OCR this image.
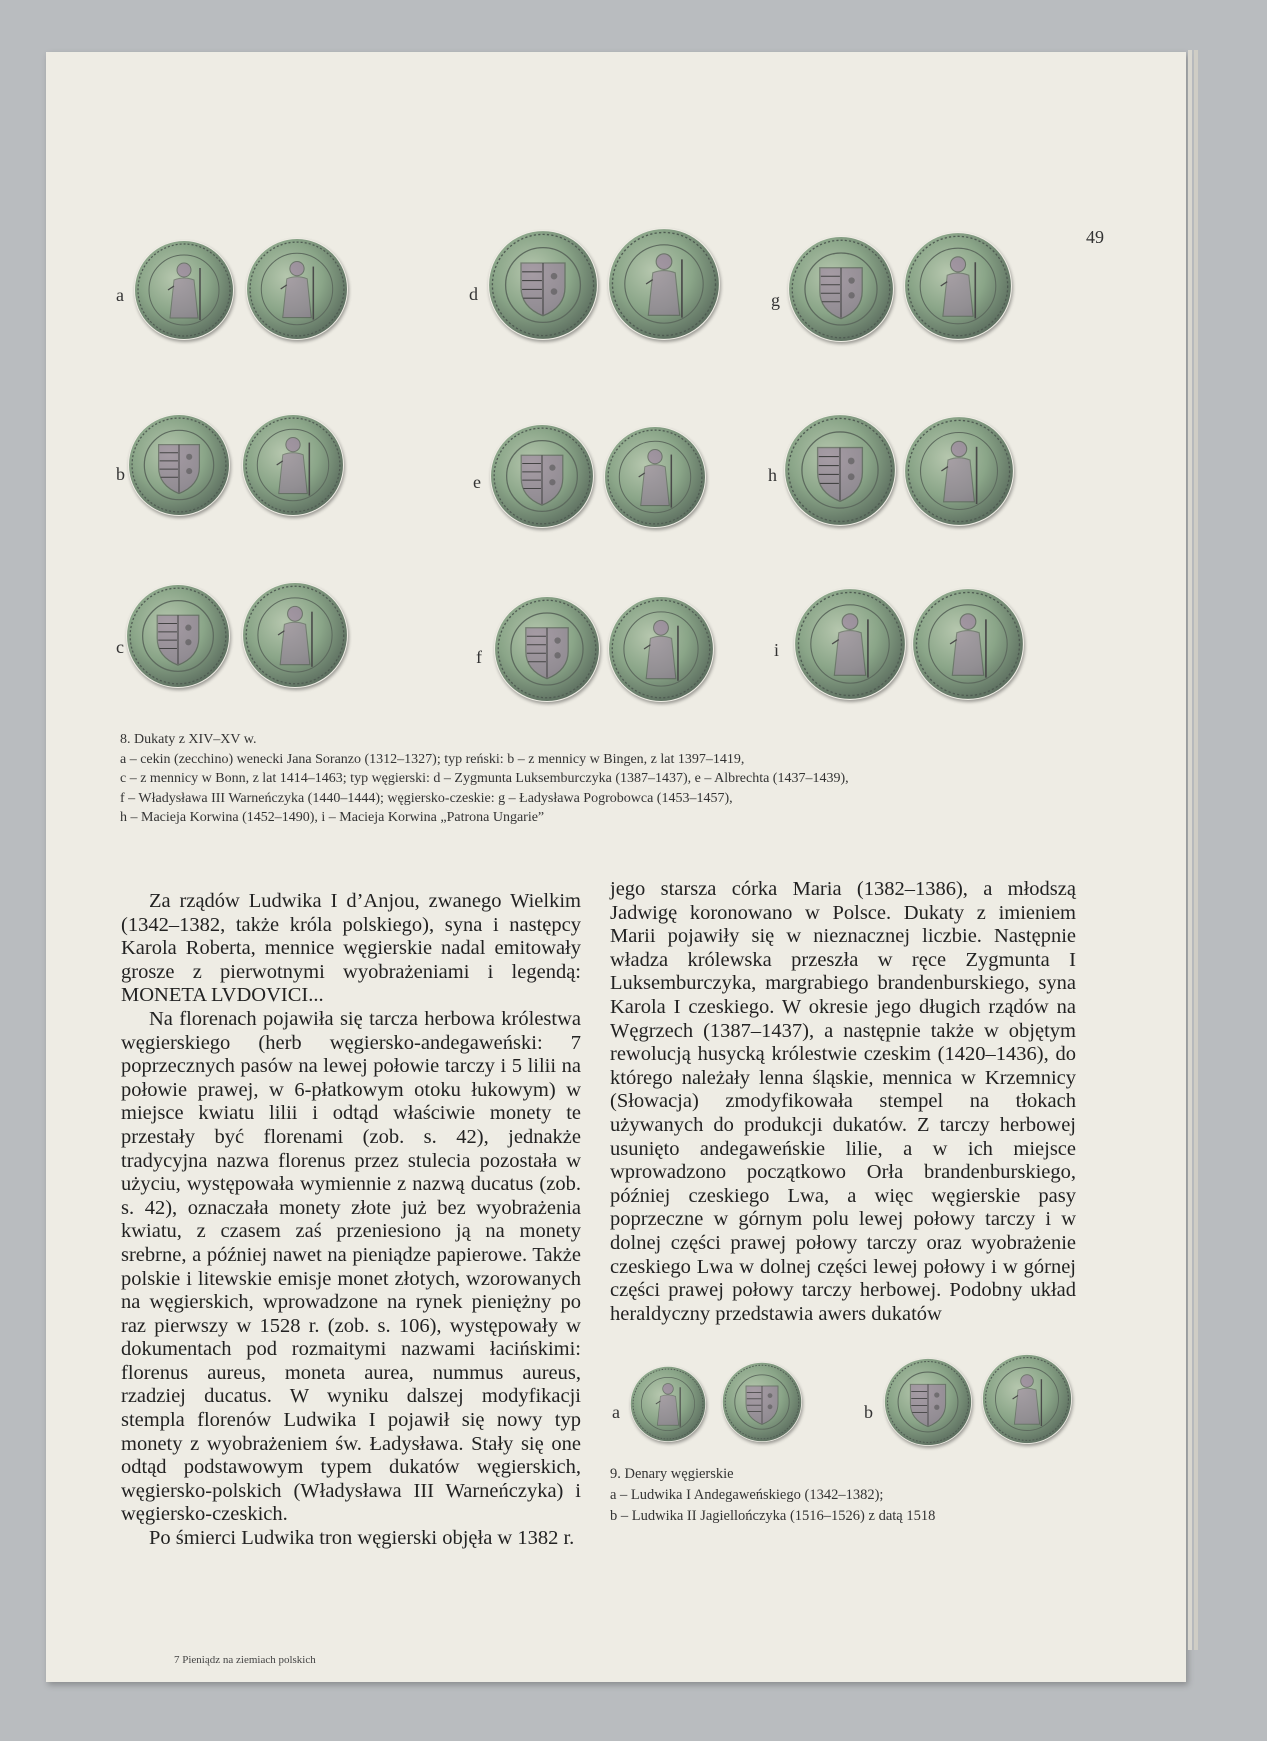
49
a
b
c
d
e
f
g
h
i
8. Dukaty z XIV–XV w.
a – cekin (zecchino) wenecki Jana Soranzo (1312–1327); typ reński: b – z mennicy w Bingen, z lat 1397–1419,
c – z mennicy w Bonn, z lat 1414–1463; typ węgierski: d – Zygmunta Luksemburczyka (1387–1437), e – Albrechta (1437–1439),
f – Władysława III Warneńczyka (1440–1444); węgiersko-czeskie: g – Ładysława Pogrobowca (1453–1457),
h – Macieja Korwina (1452–1490), i – Macieja Korwina „Patrona Ungarie”

Za rządów Ludwika I d’Anjou, zwanego Wielkim (1342–1382, także króla polskiego), syna i następcy Karola Roberta, mennice węgierskie nadal emitowały grosze z pierwotnymi wyobrażeniami i legendą: MONETA LVDOVICI...

Na florenach pojawiła się tarcza herbowa królestwa węgierskiego (herb węgiersko-andegaweński: 7 poprzecznych pasów na lewej połowie tarczy i 5 lilii na połowie prawej, w 6-płatkowym otoku łukowym) w miejsce kwiatu lilii i odtąd właściwie monety te przestały być florenami (zob. s. 42), jednakże tradycyjna nazwa florenus przez stulecia pozostała w użyciu, występowała wymiennie z nazwą ducatus (zob. s. 42), oznaczała monety złote już bez wyobrażenia kwiatu, z czasem zaś przeniesiono ją na monety srebrne, a później nawet na pieniądze papierowe. Także polskie i litewskie emisje monet złotych, wzorowanych na węgierskich, wprowadzone na rynek pieniężny po raz pierwszy w 1528 r. (zob. s. 106), występowały w dokumentach pod rozmaitymi nazwami łacińskimi: florenus aureus, moneta aurea, nummus aureus, rzadziej ducatus. W wyniku dalszej modyfikacji stempla florenów Ludwika I pojawił się nowy typ monety z wyobrażeniem św. Ładysława. Stały się one odtąd podstawowym typem dukatów węgierskich, węgiersko-polskich (Władysława III Warneńczyka) i węgiersko-czeskich.

Po śmierci Ludwika tron węgierski objęła w 1382 r.

jego starsza córka Maria (1382–1386), a młodszą Jadwigę koronowano w Polsce. Dukaty z imieniem Marii pojawiły się w nieznacznej liczbie. Następnie władza królewska przeszła w ręce Zygmunta I Luksemburczyka, margrabiego brandenburskiego, syna Karola I czeskiego. W okresie jego długich rządów na Węgrzech (1387–1437), a następnie także w objętym rewolucją husycką królestwie czeskim (1420–1436), do którego należały lenna śląskie, mennica w Krzemnicy (Słowacja) zmodyfikowała stempel na tłokach używanych do produkcji dukatów. Z tarczy herbowej usunięto andegaweńskie lilie, a w ich miejsce wprowadzono początkowo Orła brandenburskiego, później czeskiego Lwa, a więc węgierskie pasy poprzeczne w górnym polu lewej połowy tarczy i w dolnej części prawej połowy tarczy oraz wyobrażenie czeskiego Lwa w dolnej części lewej połowy i w górnej części prawej połowy tarczy herbowej. Podobny układ heraldyczny przedstawia awers dukatów

a	b
9. Denary węgierskie
a – Ludwika I Andegaweńskiego (1342–1382);
b – Ludwika II Jagiellończyka (1516–1526) z datą 1518
7 Pieniądz na ziemiach polskich
